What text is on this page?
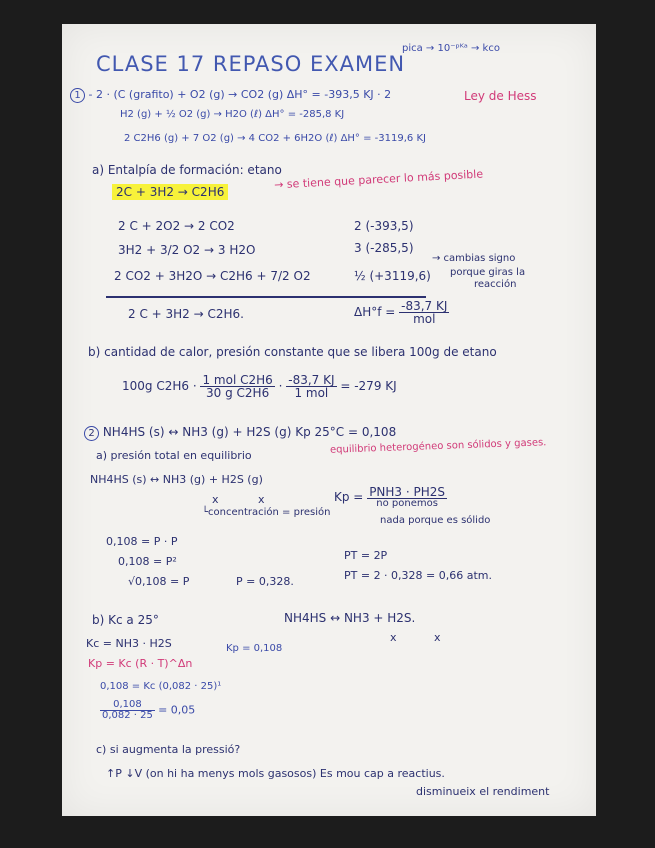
CLASE 17 REPASO EXAMEN
pica → 10⁻ᵖᴷᵃ → kco
1 - 2 · (C (grafito) + O2 (g) → CO2 (g) ΔH° = -393,5 KJ · 2	Ley de Hess
H2 (g) + ½ O2 (g) → H2O (ℓ) ΔH° = -285,8 KJ
2 C2H6 (g) + 7 O2 (g) → 4 CO2 + 6H2O (ℓ) ΔH° = -3119,6 KJ
a) Entalpía de formación: etano
2C + 3H2 → C2H6
→ se tiene que parecer lo más posible
2 C + 2O2 → 2 CO2	2 (-393,5)
3H2 + 3/2 O2 → 3 H2O	3 (-285,5)
→ cambias signo
2 CO2 + 3H2O → C2H6 + 7/2 O2	½ (+3119,6) porque giras la
reacción
2 C + 3H2 → C2H6.	$\Delta H^\circ f = \frac{-83,7 KJ}{\text{mol}}$
b) cantidad de calor, presión constante que se libera 100g de etano
100g $C2H6 \cdot \frac{\text{1 mol C2H6}}{\text{30 g C2H6}} \cdot \frac{-83,7 KJ}{\text{1 mol}} = -279$ KJ
2 NH4HS (s) ↔ NH3 (g) + H2S (g) Kp 25°C = 0,108
a) presión total en equilibrio	equilibrio heterogéneo son sólidos y gases.
NH4HS (s) ↔ NH3 (g) + H2S (g)
x	x
└concentración = presión
$Kp = \frac{\text{PNH3 · PH2S}}{\text{no ponemos}}$
nada porque es sólido
0,108 = P · P
0,108 = P²
√0,108 = P	P = 0,328.
PT = 2P
PT = 2 · 0,328 = 0,66 atm.
b) Kc a 25°	NH4HS ↔ NH3 + H2S.
x	x
Kc = NH3 · H2S	Kp = 0,108
Kp = Kc (R · T)^Δn
0,108 = Kc (0,082 · 25)¹
$\frac{0,108}{0,082 \cdot 25} = 0,05$
c) si augmenta la pressió?
↑P ↓V (on hi ha menys mols gasosos) Es mou cap a reactius.
disminueix el rendiment
